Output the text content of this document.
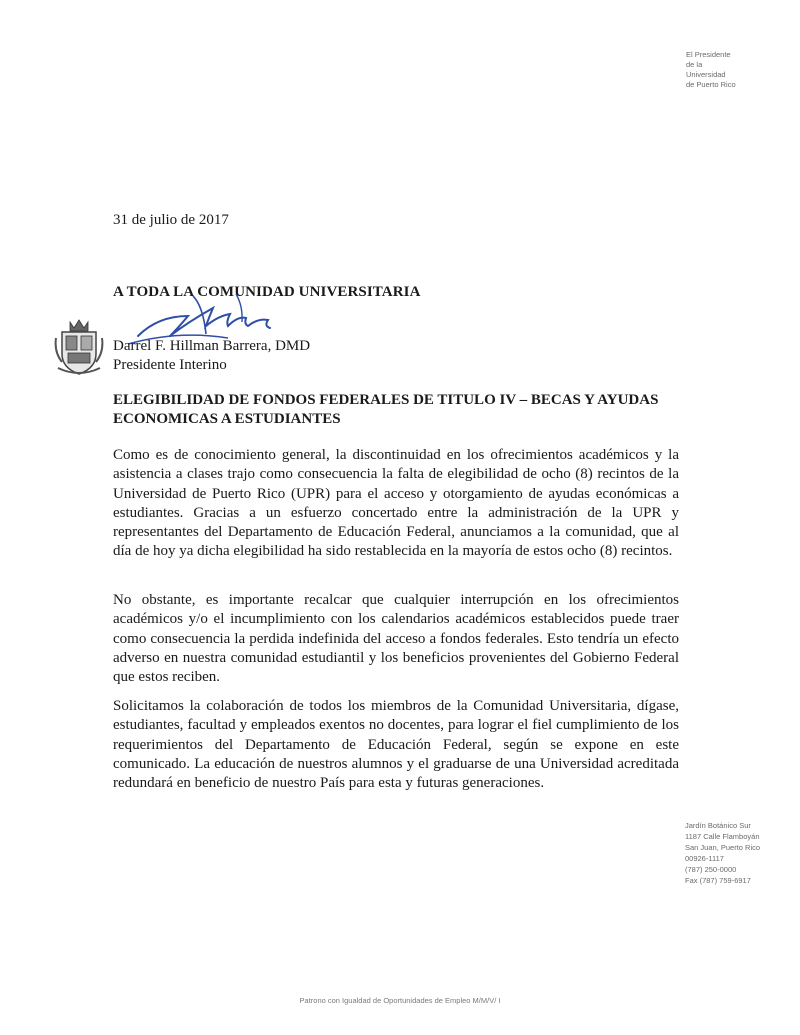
El Presidente
de la
Universidad
de Puerto Rico
31 de julio de 2017
A TODA LA COMUNIDAD UNIVERSITARIA
Darrel F. Hillman Barrera, DMD
Presidente Interino
ELEGIBILIDAD DE FONDOS FEDERALES DE TITULO IV – BECAS Y AYUDAS ECONOMICAS A ESTUDIANTES
Como es de conocimiento general, la discontinuidad en los ofrecimientos académicos y la asistencia a clases trajo como consecuencia la falta de elegibilidad de ocho (8) recintos de la Universidad de Puerto Rico (UPR) para el acceso y otorgamiento de ayudas económicas a estudiantes. Gracias a un esfuerzo concertado entre la administración de la UPR y representantes del Departamento de Educación Federal, anunciamos a la comunidad, que al día de hoy ya dicha elegibilidad ha sido restablecida en la mayoría de estos ocho (8) recintos.
No obstante, es importante recalcar que cualquier interrupción en los ofrecimientos académicos y/o el incumplimiento con los calendarios académicos establecidos puede traer como consecuencia la perdida indefinida del acceso a fondos federales. Esto tendría un efecto adverso en nuestra comunidad estudiantil y los beneficios provenientes del Gobierno Federal que estos reciben.
Solicitamos la colaboración de todos los miembros de la Comunidad Universitaria, dígase, estudiantes, facultad y empleados exentos no docentes, para lograr el fiel cumplimiento de los requerimientos del Departamento de Educación Federal, según se expone en este comunicado. La educación de nuestros alumnos y el graduarse de una Universidad acreditada redundará en beneficio de nuestro País para esta y futuras generaciones.
Jardín Botánico Sur
1187 Calle Flamboyán
San Juan, Puerto Rico
00926-1117
(787) 250-0000
Fax (787) 759-6917
Patrono con Igualdad de Oportunidades de Empleo M/M/V/ I
